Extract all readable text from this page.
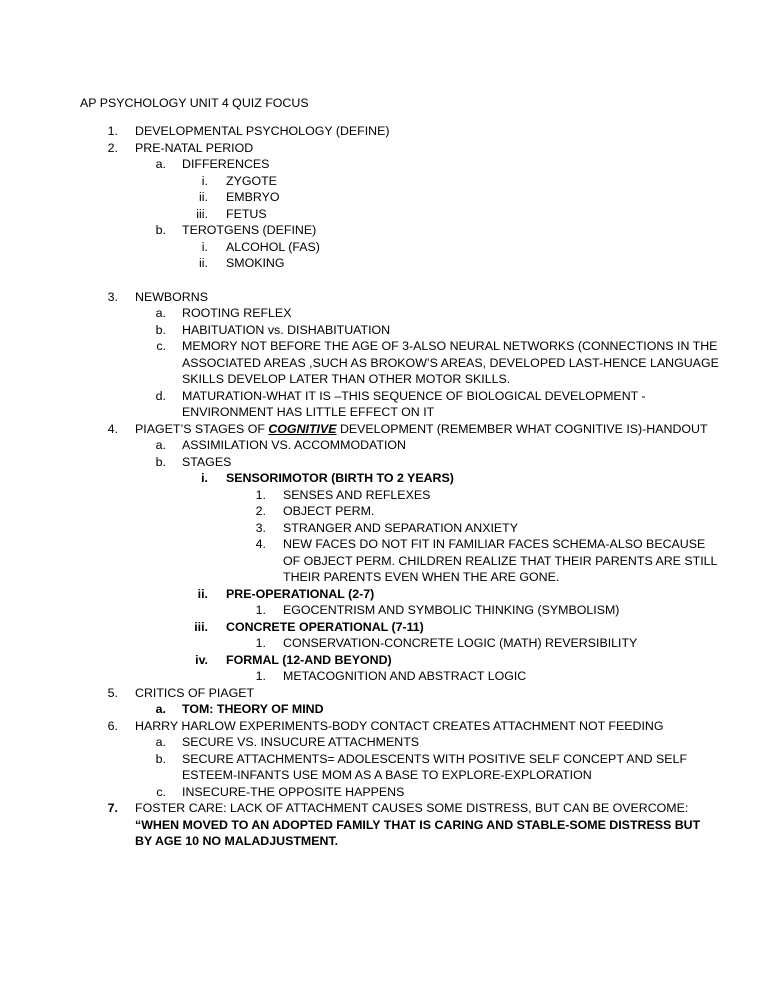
AP PSYCHOLOGY UNIT 4 QUIZ FOCUS
1. DEVELOPMENTAL PSYCHOLOGY (DEFINE)
2. PRE-NATAL PERIOD
a. DIFFERENCES
i. ZYGOTE
ii. EMBRYO
iii. FETUS
b. TEROTGENS (DEFINE)
i. ALCOHOL (FAS)
ii. SMOKING
3. NEWBORNS
a. ROOTING REFLEX
b. HABITUATION vs. DISHABITUATION
c. MEMORY NOT BEFORE THE AGE OF 3-ALSO NEURAL NETWORKS (CONNECTIONS IN THE
ASSOCIATED AREAS ,SUCH AS BROKOW’S AREAS, DEVELOPED LAST-HENCE LANGUAGE
SKILLS DEVELOP LATER THAN OTHER MOTOR SKILLS.
d. MATURATION-WHAT IT IS –THIS SEQUENCE OF BIOLOGICAL DEVELOPMENT -
ENVIRONMENT HAS LITTLE EFFECT ON IT
4. PIAGET’S STAGES OF COGNITIVE DEVELOPMENT (REMEMBER WHAT COGNITIVE IS)-HANDOUT
a. ASSIMILATION VS. ACCOMMODATION
b. STAGES
i. SENSORIMOTOR (BIRTH TO 2 YEARS)
1. SENSES AND REFLEXES
2. OBJECT PERM.
3. STRANGER AND SEPARATION ANXIETY
4. NEW FACES DO NOT FIT IN FAMILIAR FACES SCHEMA-ALSO BECAUSE
OF OBJECT PERM. CHILDREN REALIZE THAT THEIR PARENTS ARE STILL
THEIR PARENTS EVEN WHEN THE ARE GONE.
ii. PRE-OPERATIONAL (2-7)
1. EGOCENTRISM AND SYMBOLIC THINKING (SYMBOLISM)
iii. CONCRETE OPERATIONAL (7-11)
1. CONSERVATION-CONCRETE LOGIC (MATH) REVERSIBILITY
iv. FORMAL (12-AND BEYOND)
1. METACOGNITION AND ABSTRACT LOGIC
5. CRITICS OF PIAGET
a. TOM: THEORY OF MIND
6. HARRY HARLOW EXPERIMENTS-BODY CONTACT CREATES ATTACHMENT NOT FEEDING
a. SECURE VS. INSUCURE ATTACHMENTS
b. SECURE ATTACHMENTS= ADOLESCENTS WITH POSITIVE SELF CONCEPT AND SELF
ESTEEM-INFANTS USE MOM AS A BASE TO EXPLORE-EXPLORATION
c. INSECURE-THE OPPOSITE HAPPENS
7. FOSTER CARE: LACK OF ATTACHMENT CAUSES SOME DISTRESS, BUT CAN BE OVERCOME:
“WHEN MOVED TO AN ADOPTED FAMILY THAT IS CARING AND STABLE-SOME DISTRESS BUT
BY AGE 10 NO MALADJUSTMENT.
